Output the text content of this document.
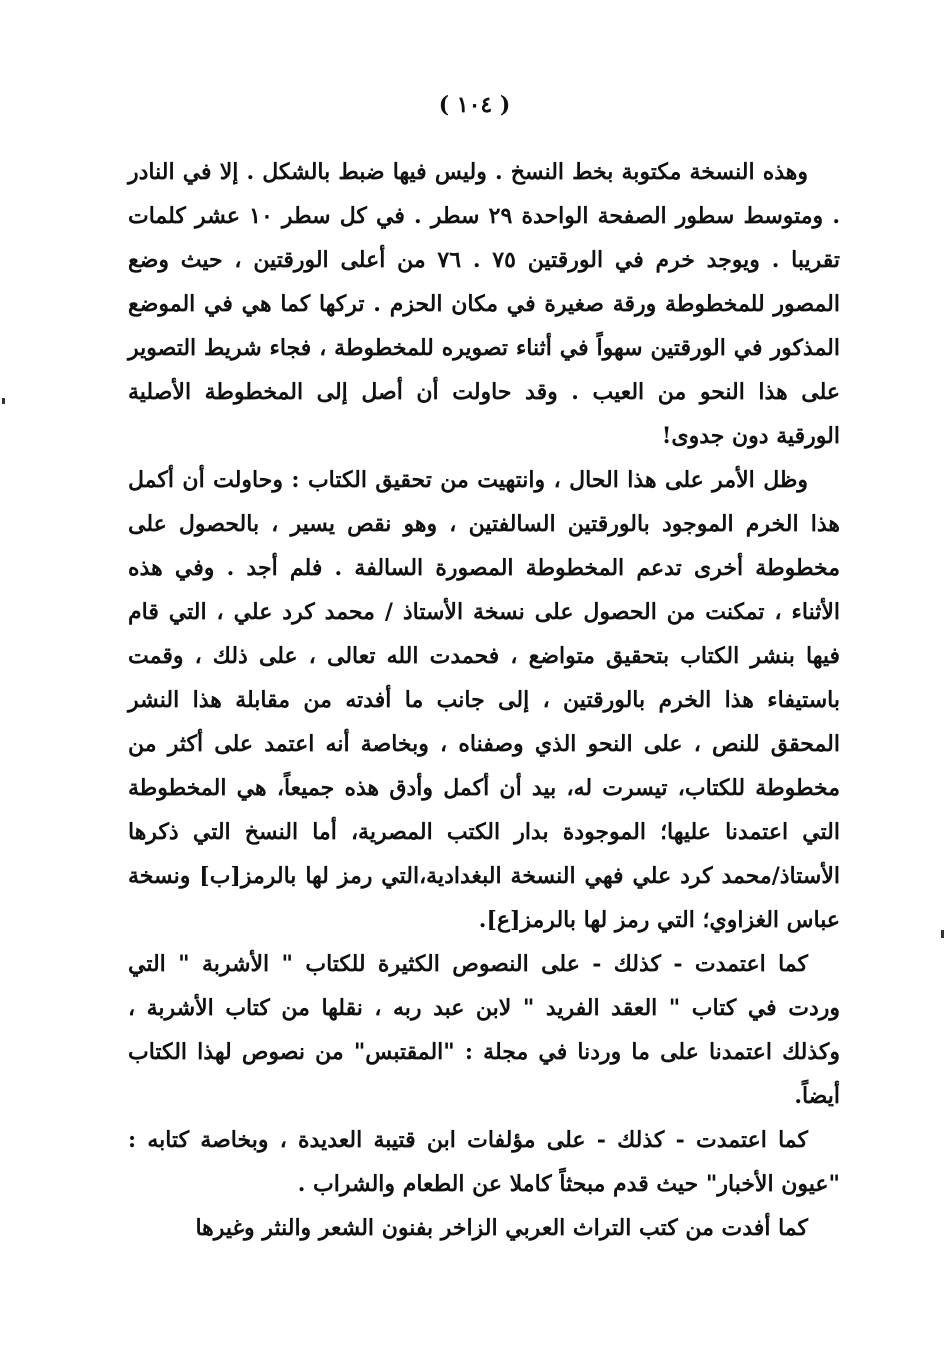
( ١٠٤ )

وهذه النسخة مكتوبة بخط النسخ . وليس فيها ضبط بالشكل . إلا في النادر . ومتوسط سطور الصفحة الواحدة ٢٩ سطر . في كل سطر ١٠ عشر كلمات تقريبا . ويوجد خرم في الورقتين ٧٥ . ٧٦ من أعلى الورقتين ، حيث وضع المصور للمخطوطة ورقة صغيرة في مكان الحزم . تركها كما هي في الموضع المذكور في الورقتين سهواً في أثناء تصويره للمخطوطة ، فجاء شريط التصوير على هذا النحو من العيب . وقد حاولت أن أصل إلى المخطوطة الأصلية الورقية دون جدوى!

وظل الأمر على هذا الحال ، وانتهيت من تحقيق الكتاب : وحاولت أن أكمل هذا الخرم الموجود بالورقتين السالفتين ، وهو نقص يسير ، بالحصول على مخطوطة أخرى تدعم المخطوطة المصورة السالفة . فلم أجد . وفي هذه الأثناء ، تمكنت من الحصول على نسخة الأستاذ / محمد كرد علي ، التي قام فيها بنشر الكتاب بتحقيق متواضع ، فحمدت الله تعالى ، على ذلك ، وقمت باستيفاء هذا الخرم بالورقتين ، إلى جانب ما أفدته من مقابلة هذا النشر المحقق للنص ، على النحو الذي وصفناه ، وبخاصة أنه اعتمد على أكثر من مخطوطة للكتاب، تيسرت له، بيد أن أكمل وأدق هذه جميعاً، هي المخطوطة التي اعتمدنا عليها؛ الموجودة بدار الكتب المصرية، أما النسخ التي ذكرها الأستاذ/محمد كرد علي فهي النسخة البغدادية،التي رمز لها بالرمز[ب] ونسخة عباس الغزاوي؛ التي رمز لها بالرمز[ع].

كما اعتمدت - كذلك - على النصوص الكثيرة للكتاب " الأشربة " التي وردت في كتاب " العقد الفريد " لابن عبد ربه ، نقلها من كتاب الأشربة ، وكذلك اعتمدنا على ما وردنا في مجلة : "المقتبس" من نصوص لهذا الكتاب أيضاً.

كما اعتمدت - كذلك - على مؤلفات ابن قتيبة العديدة ، وبخاصة كتابه : "عيون الأخبار" حيث قدم مبحثاً كاملا عن الطعام والشراب .

كما أفدت من كتب التراث العربي الزاخر بفنون الشعر والنثر وغيرها
